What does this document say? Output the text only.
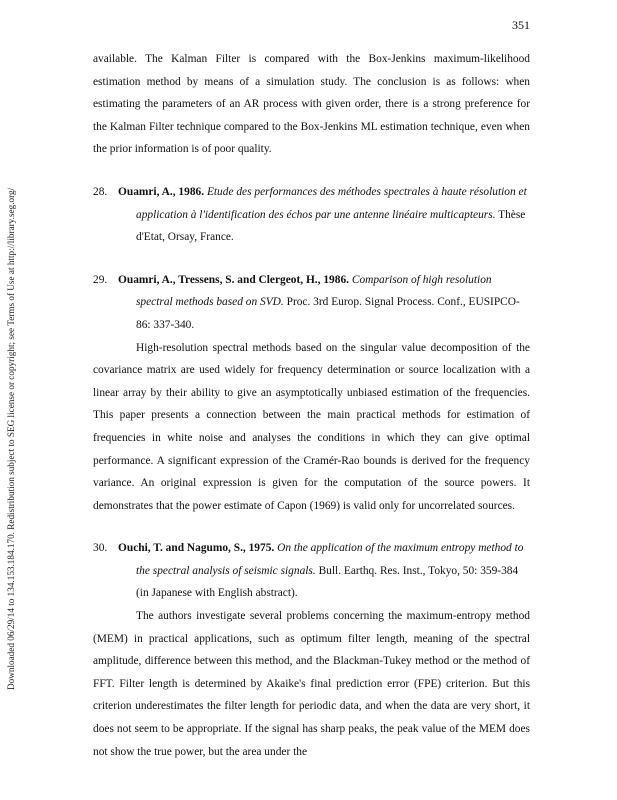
351
Downloaded 06/29/14 to 134.153.184.170. Redistribution subject to SEG license or copyright; see Terms of Use at http://library.seg.org/

available. The Kalman Filter is compared with the Box-Jenkins maximum-likelihood estimation method by means of a simulation study. The conclusion is as follows: when estimating the parameters of an AR process with given order, there is a strong preference for the Kalman Filter technique compared to the Box-Jenkins ML estimation technique, even when the prior information is of poor quality.

28. Ouamri, A., 1986. Etude des performances des méthodes spectrales à haute résolution et application à l'identification des échos par une antenne linéaire multicapteurs. Thèse d'Etat, Orsay, France.

29. Ouamri, A., Tressens, S. and Clergeot, H., 1986. Comparison of high resolution spectral methods based on SVD. Proc. 3rd Europ. Signal Process. Conf., EUSIPCO-86: 337-340.

High-resolution spectral methods based on the singular value decomposition of the covariance matrix are used widely for frequency determination or source localization with a linear array by their ability to give an asymptotically unbiased estimation of the frequencies. This paper presents a connection between the main practical methods for estimation of frequencies in white noise and analyses the conditions in which they can give optimal performance. A significant expression of the Cramér-Rao bounds is derived for the frequency variance. An original expression is given for the computation of the source powers. It demonstrates that the power estimate of Capon (1969) is valid only for uncorrelated sources.

30. Ouchi, T. and Nagumo, S., 1975. On the application of the maximum entropy method to the spectral analysis of seismic signals. Bull. Earthq. Res. Inst., Tokyo, 50: 359-384 (in Japanese with English abstract).

The authors investigate several problems concerning the maximum-entropy method (MEM) in practical applications, such as optimum filter length, meaning of the spectral amplitude, difference between this method, and the Blackman-Tukey method or the method of FFT. Filter length is determined by Akaike's final prediction error (FPE) criterion. But this criterion underestimates the filter length for periodic data, and when the data are very short, it does not seem to be appropriate. If the signal has sharp peaks, the peak value of the MEM does not show the true power, but the area under the
